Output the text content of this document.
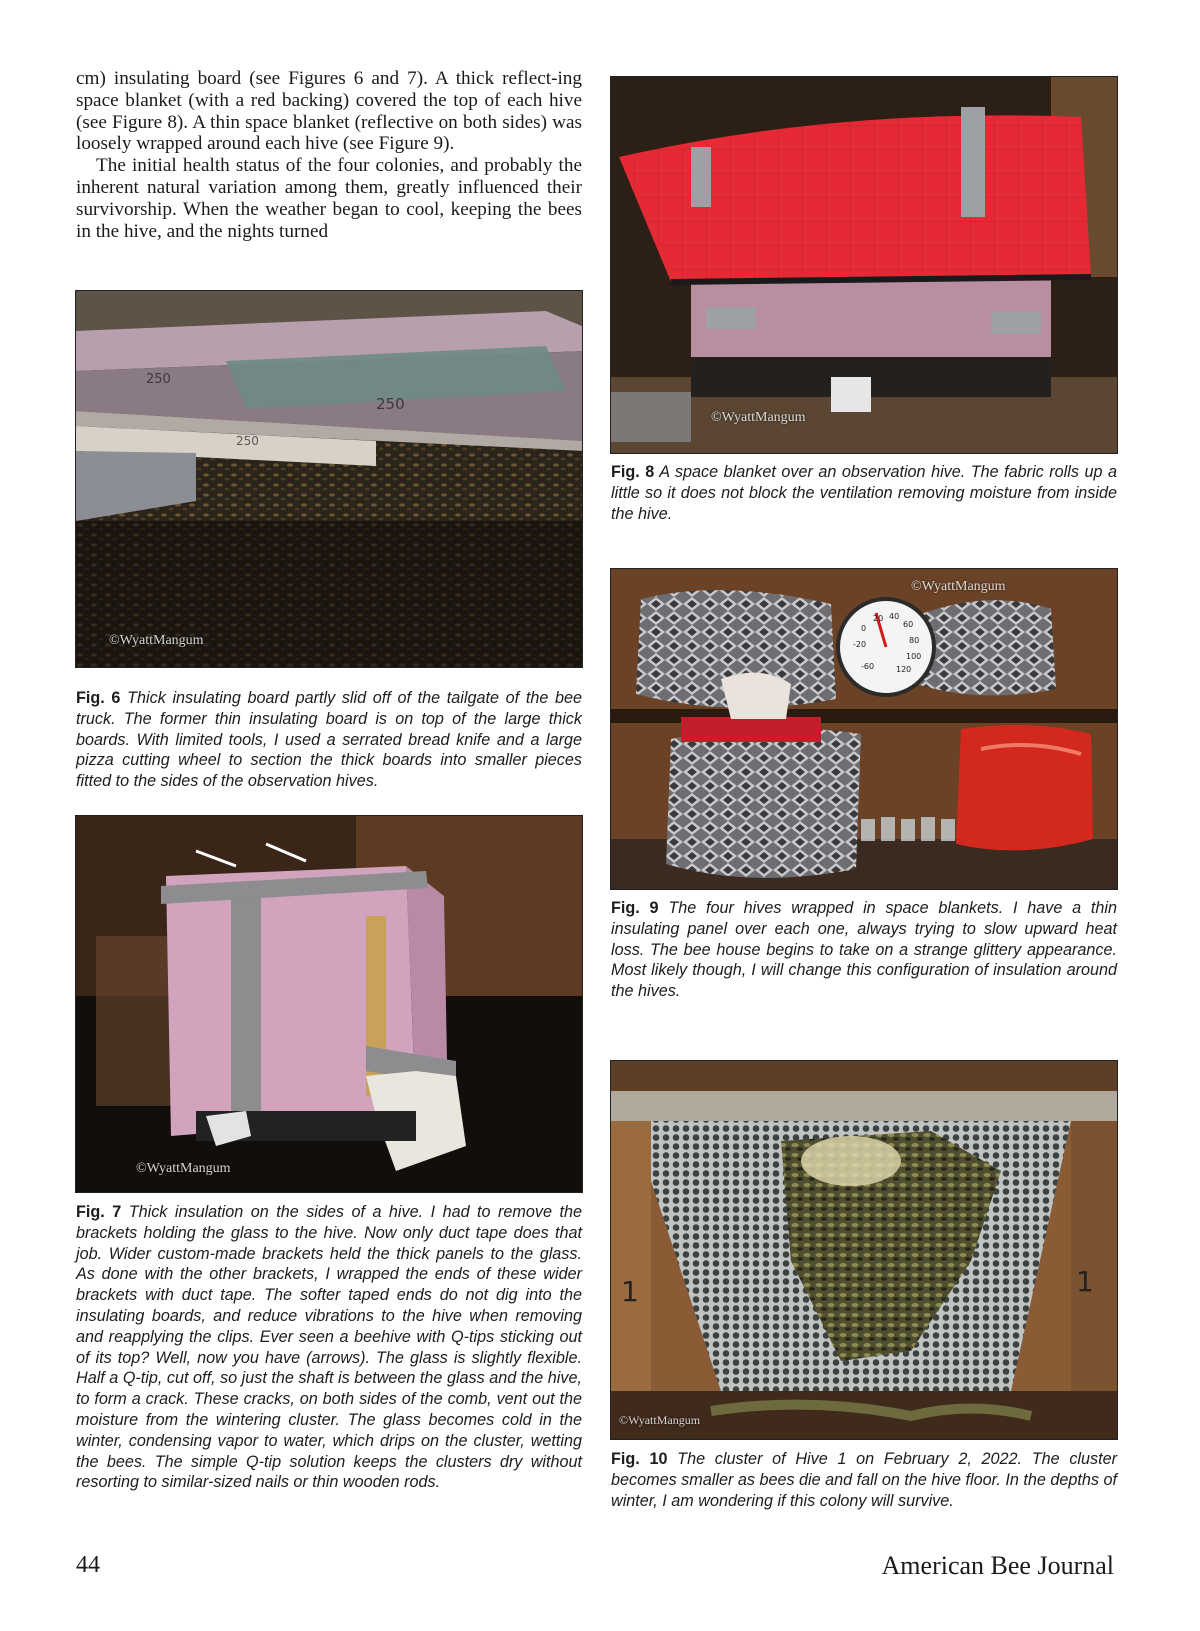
cm) insulating board (see Figures 6 and 7). A thick reflect-ing space blanket (with a red backing) covered the top of each hive (see Figure 8). A thin space blanket (reflective on both sides) was loosely wrapped around each hive (see Figure 9).

The initial health status of the four colonies, and probably the inherent natural variation among them, greatly influenced their survivorship. When the weather began to cool, keeping the bees in the hive, and the nights turned

250
250
250
©WyattMangum
Fig. 6 Thick insulating board partly slid off of the tailgate of the bee truck. The former thin insulating board is on top of the large thick boards. With limited tools, I used a serrated bread knife and a large pizza cutting wheel to section the thick boards into smaller pieces fitted to the sides of the observation hives.
©WyattMangum
Fig. 7 Thick insulation on the sides of a hive. I had to remove the brackets holding the glass to the hive. Now only duct tape does that job. Wider custom-made brackets held the thick panels to the glass. As done with the other brackets, I wrapped the ends of these wider brackets with duct tape. The softer taped ends do not dig into the insulating boards, and reduce vibrations to the hive when removing and reapplying the clips. Ever seen a beehive with Q-tips sticking out of its top? Well, now you have (arrows). The glass is slightly flexible. Half a Q-tip, cut off, so just the shaft is between the glass and the hive, to form a crack. These cracks, on both sides of the comb, vent out the moisture from the wintering cluster. The glass becomes cold in the winter, condensing vapor to water, which drips on the cluster, wetting the bees. The simple Q-tip solution keeps the clusters dry without resorting to similar-sized nails or thin wooden rods.
©WyattMangum
Fig. 8 A space blanket over an observation hive. The fabric rolls up a little so it does not block the ventilation removing moisture from inside the hive.
20 40
60
80
100
120
0
-20
-60
©WyattMangum
Fig. 9 The four hives wrapped in space blankets. I have a thin insulating panel over each one, always trying to slow upward heat loss. The bee house begins to take on a strange glittery appearance. Most likely though, I will change this configuration of insulation around the hives.
1	1
©WyattMangum
Fig. 10 The cluster of Hive 1 on February 2, 2022. The cluster becomes smaller as bees die and fall on the hive floor. In the depths of winter, I am wondering if this colony will survive.
44	American Bee Journal
